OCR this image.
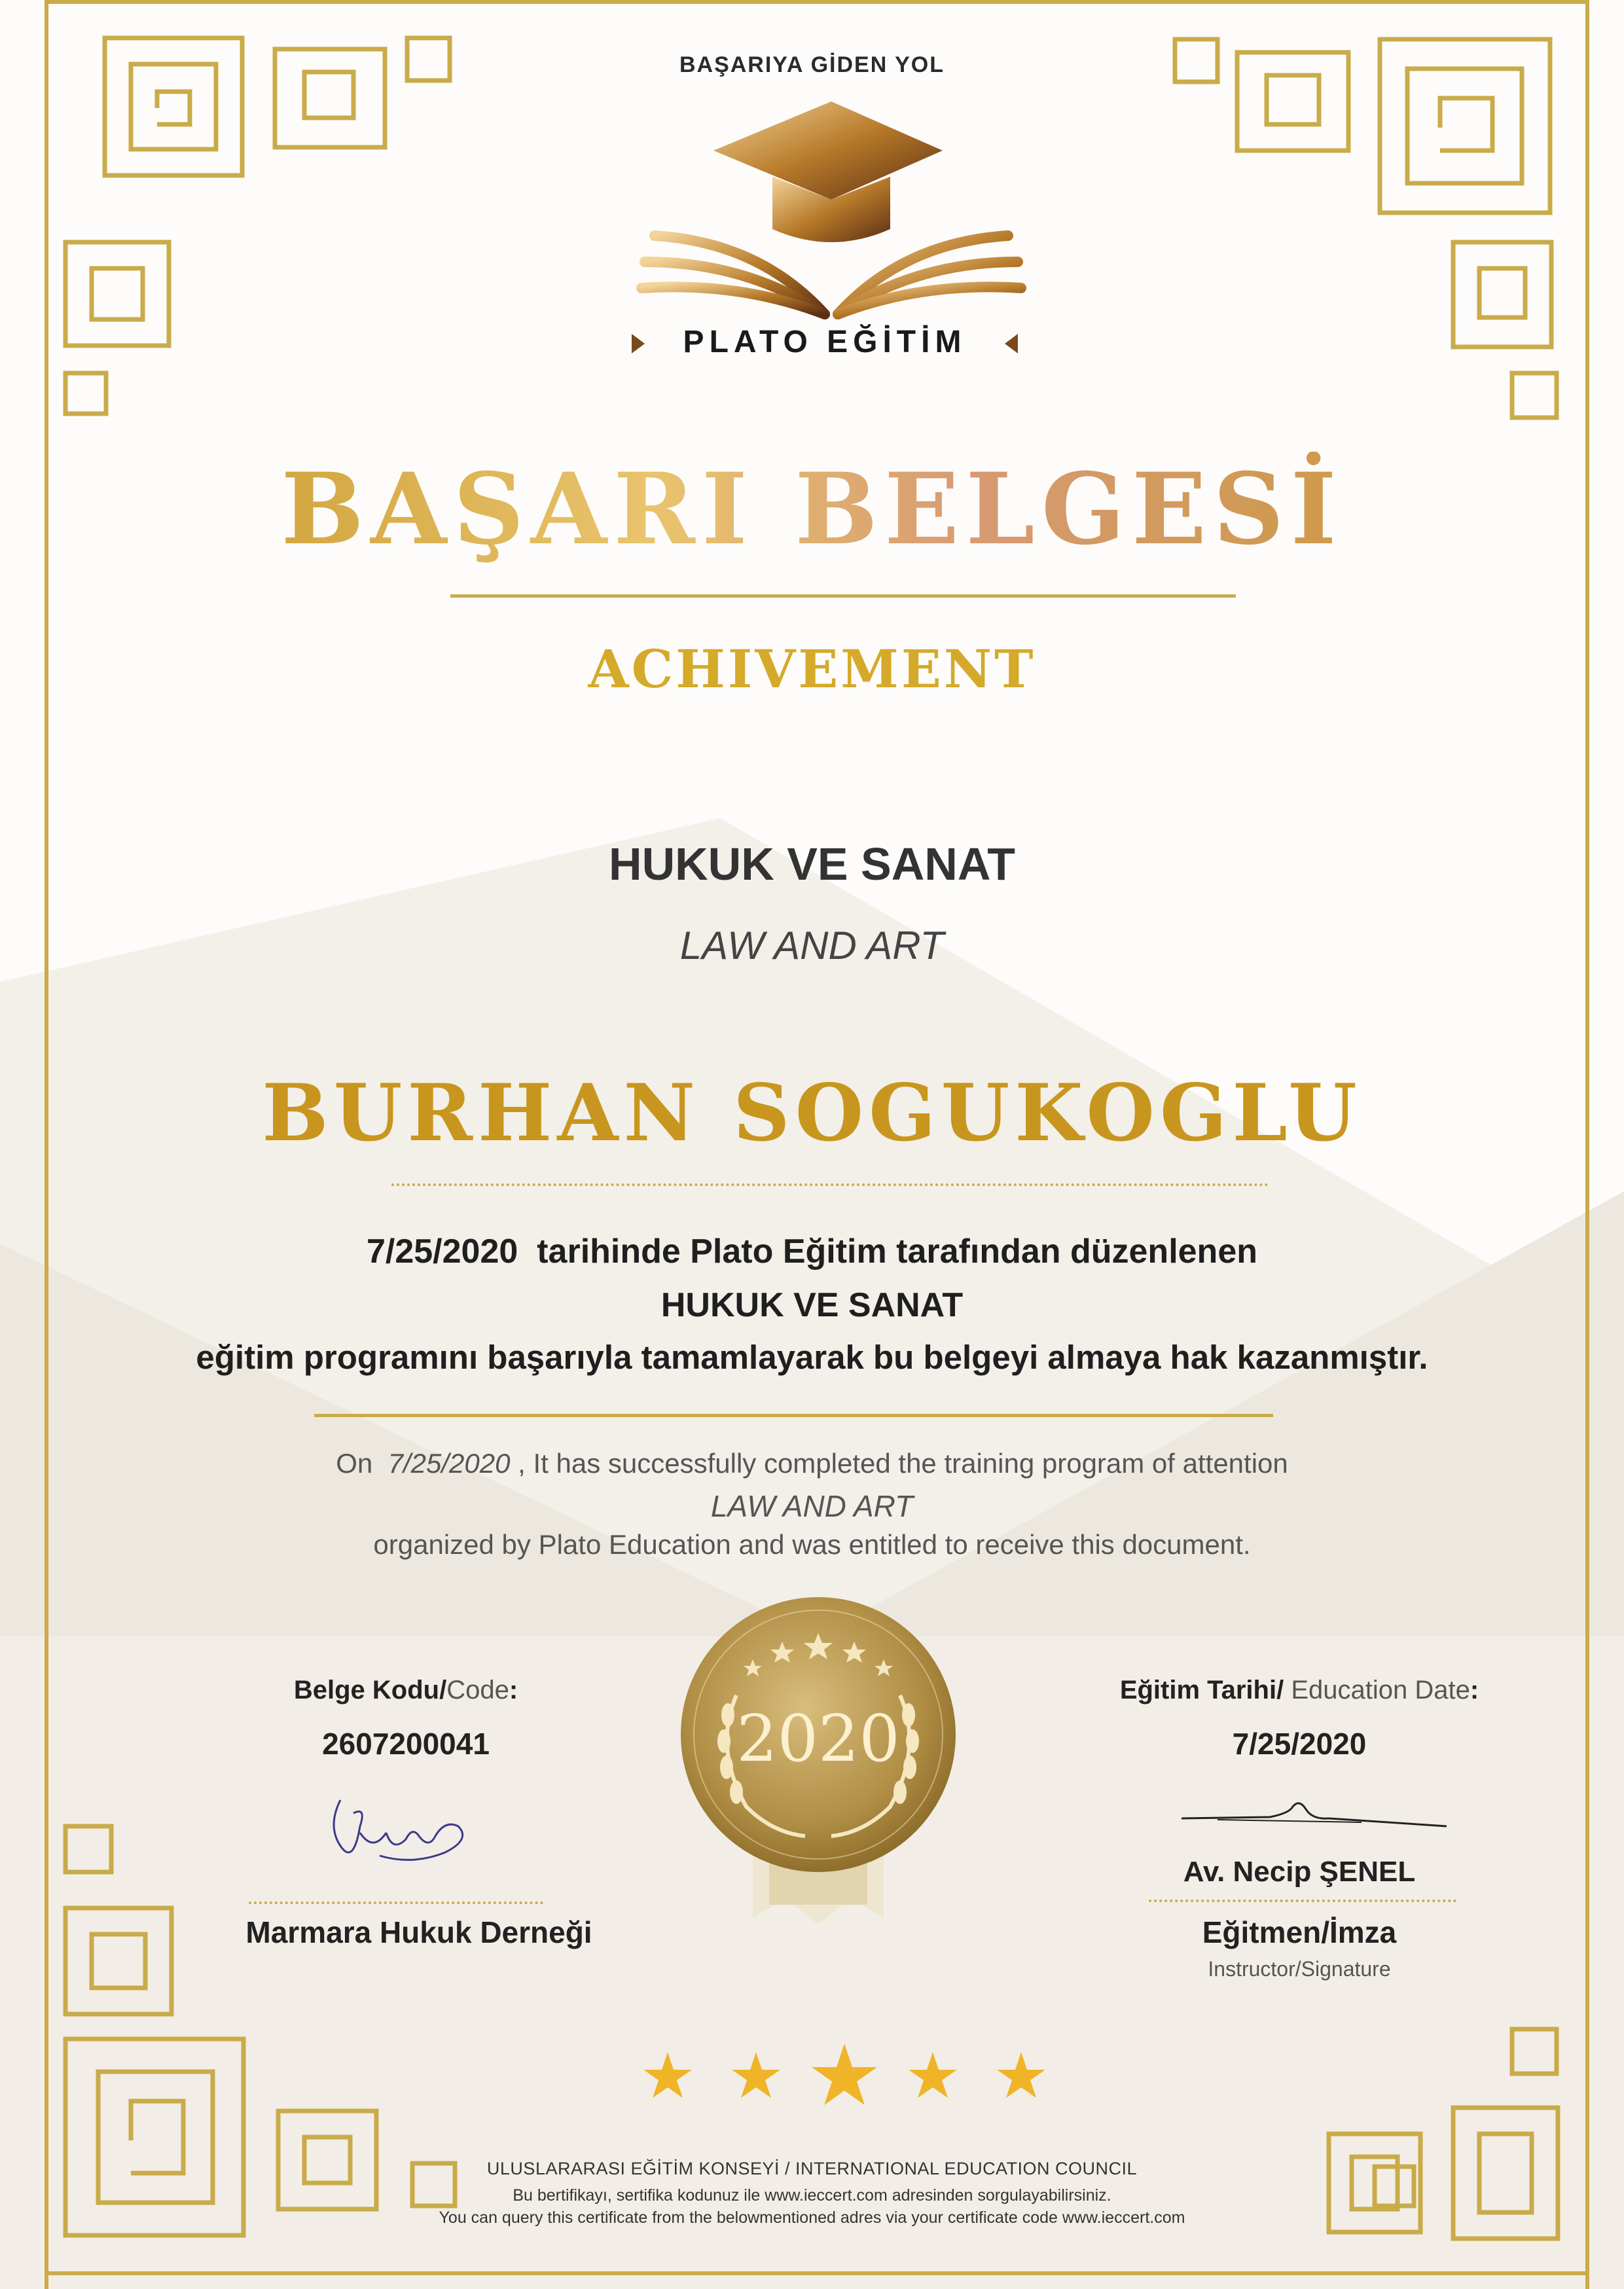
BAŞARIYA GİDEN YOL
PLATO EĞİTİM
BAŞARI BELGESİ
ACHIVEMENT
HUKUK VE SANAT
LAW AND ART
BURHAN SOGUKOGLU
7/25/2020 tarihinde Plato Eğitim tarafından düzenlenen
HUKUK VE SANAT
eğitim programını başarıyla tamamlayarak bu belgeyi almaya hak kazanmıştır.
On 7/25/2020 , It has successfully completed the training program of attention
LAW AND ART
organized by Plato Education and was entitled to receive this document.
Belge Kodu/Code:
2607200041
Marmara Hukuk Derneği
2020
Eğitim Tarihi/ Education Date:
7/25/2020
Av. Necip ŞENEL
Eğitmen/İmza
Instructor/Signature
ULUSLARARASI EĞİTİM KONSEYİ / INTERNATIONAL EDUCATION COUNCIL
Bu bertifikayı, sertifika kodunuz ile www.ieccert.com adresinden sorgulayabilirsiniz.
You can query this certificate from the belowmentioned adres via your certificate code www.ieccert.com
